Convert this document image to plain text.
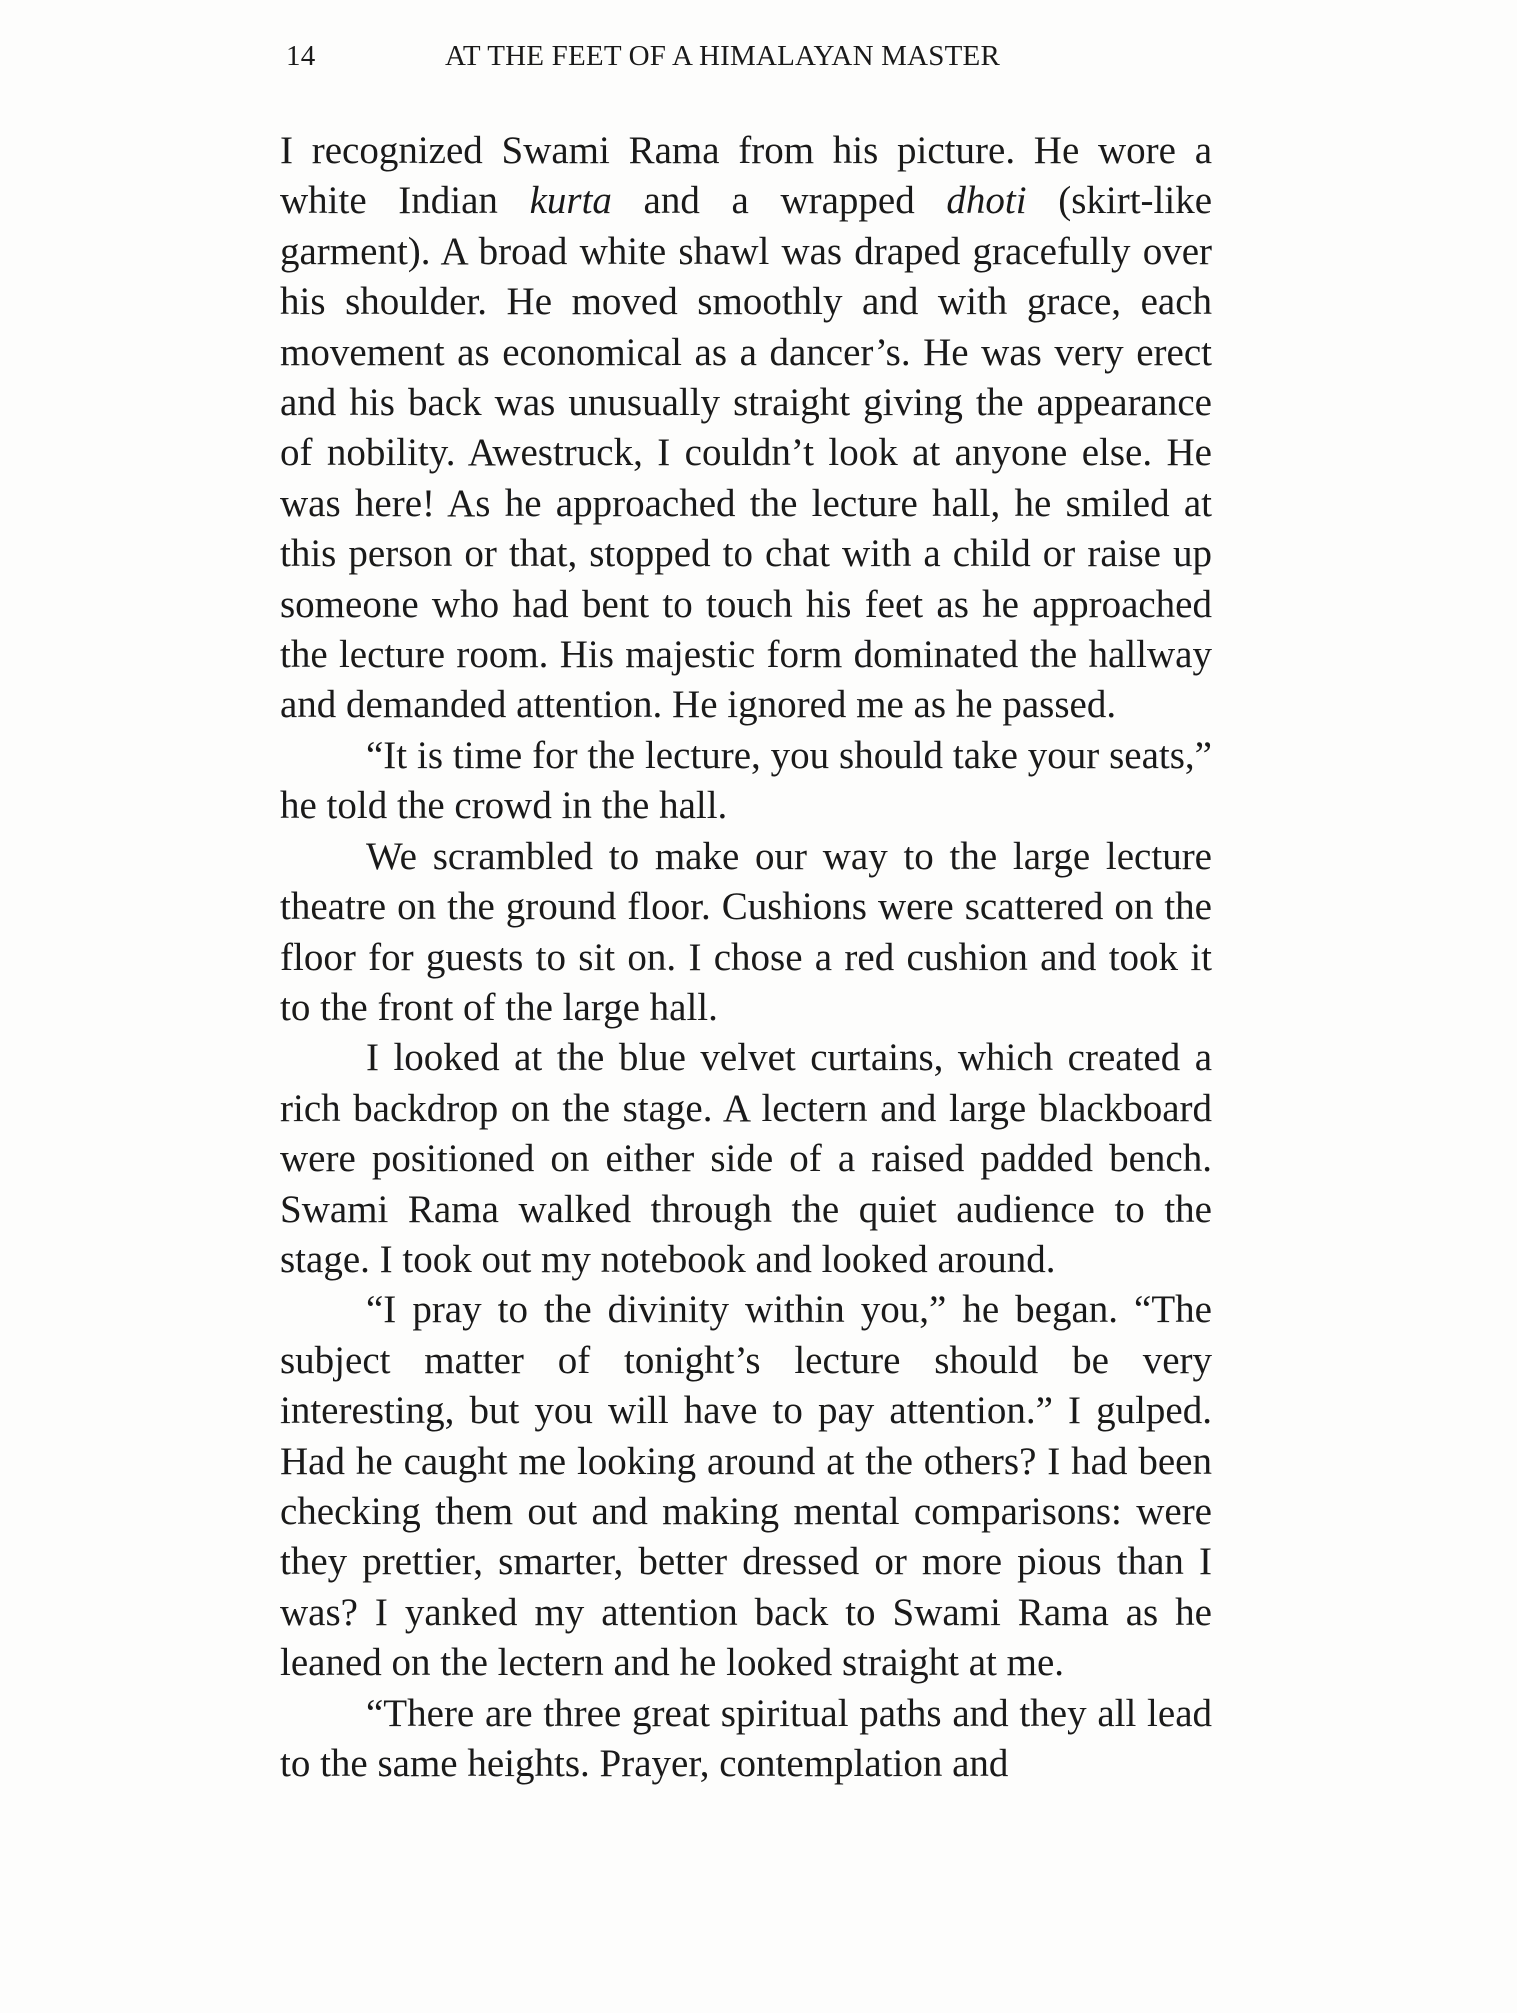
14	AT THE FEET OF A HIMALAYAN MASTER

I recognized Swami Rama from his picture. He wore a white Indian kurta and a wrapped dhoti (skirt-like garment). A broad white shawl was draped gracefully over his shoulder. He moved smoothly and with grace, each movement as economical as a dancer’s. He was very erect and his back was unusually straight giving the appearance of nobility. Awestruck, I couldn’t look at anyone else. He was here! As he approached the lecture hall, he smiled at this person or that, stopped to chat with a child or raise up someone who had bent to touch his feet as he approached the lecture room. His majestic form dominated the hallway and demanded attention. He ignored me as he passed.

“It is time for the lecture, you should take your seats,” he told the crowd in the hall.

We scrambled to make our way to the large lecture theatre on the ground floor. Cushions were scattered on the floor for guests to sit on. I chose a red cushion and took it to the front of the large hall.

I looked at the blue velvet curtains, which created a rich backdrop on the stage. A lectern and large blackboard were positioned on either side of a raised padded bench. Swami Rama walked through the quiet audience to the stage. I took out my notebook and looked around.

“I pray to the divinity within you,” he began. “The subject matter of tonight’s lecture should be very interesting, but you will have to pay attention.” I gulped. Had he caught me looking around at the others? I had been checking them out and making mental comparisons: were they prettier, smarter, better dressed or more pious than I was? I yanked my attention back to Swami Rama as he leaned on the lectern and he looked straight at me.

“There are three great spiritual paths and they all lead to the same heights. Prayer, contemplation and
